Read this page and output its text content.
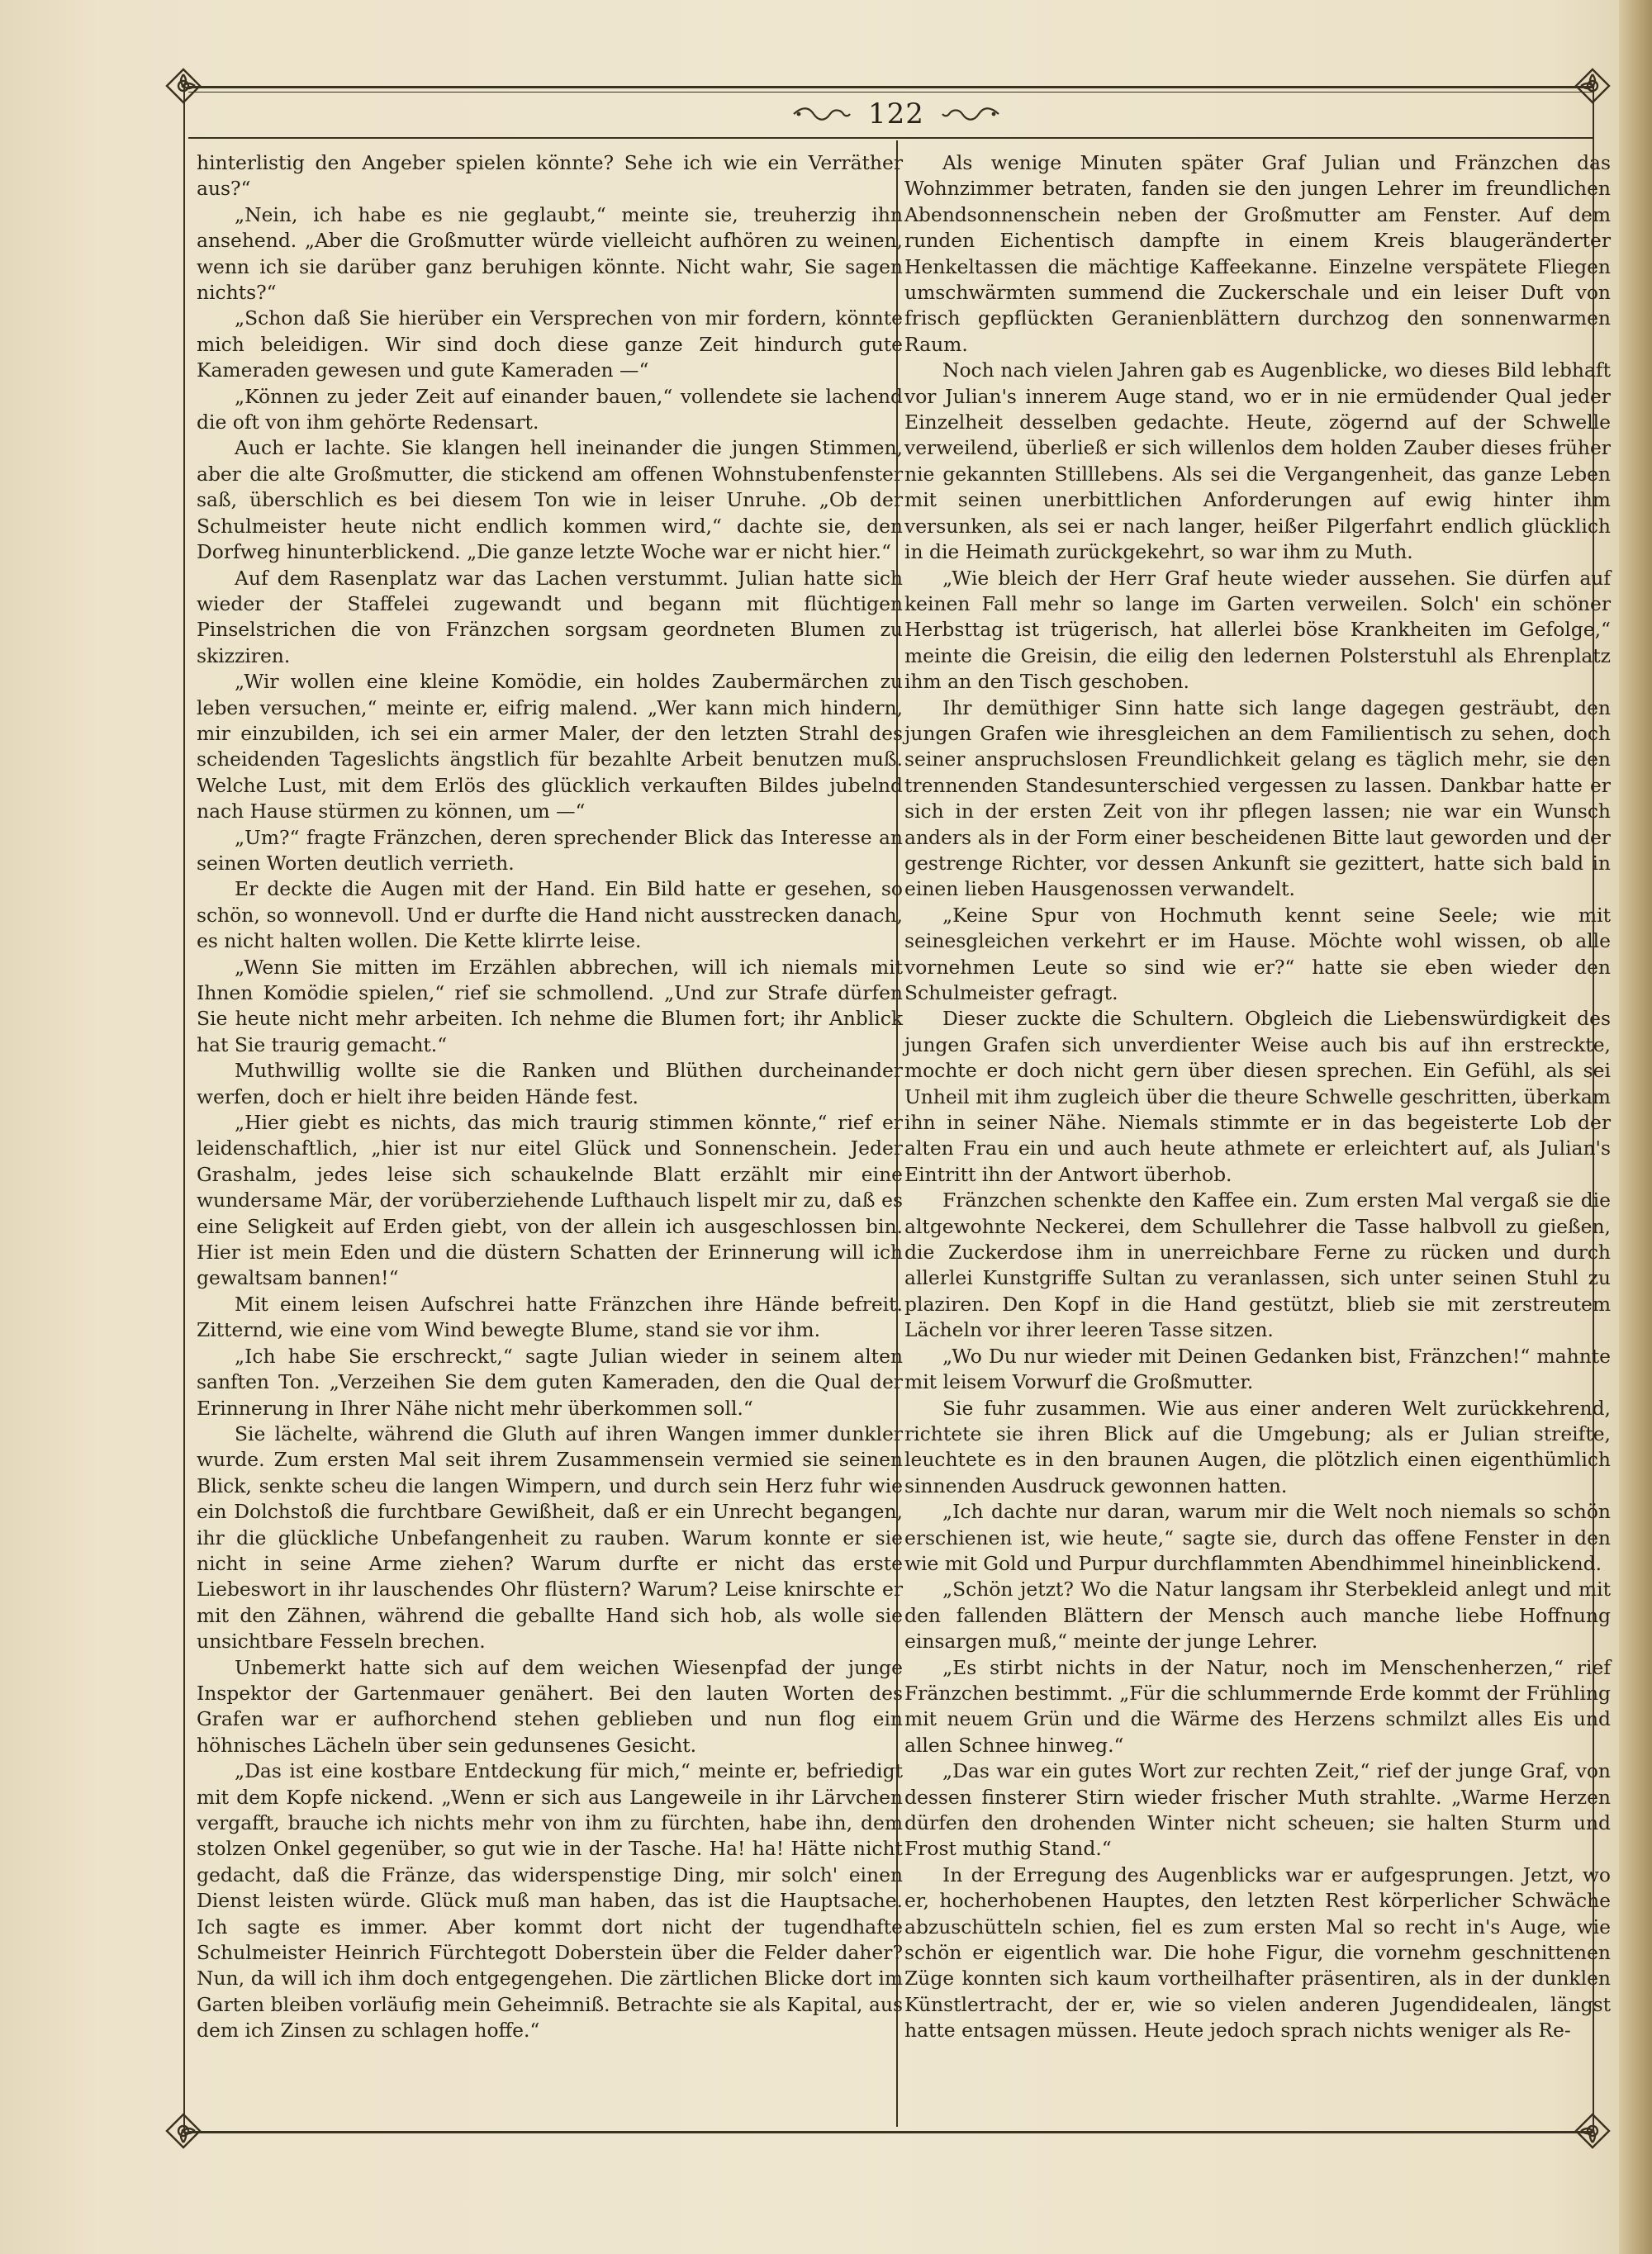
122

hinterlistig den Angeber spielen könnte? Sehe ich wie ein Verräther aus?“

„Nein, ich habe es nie geglaubt,“ meinte sie, treuherzig ihn ansehend. „Aber die Großmutter würde vielleicht aufhören zu weinen, wenn ich sie darüber ganz beruhigen könnte. Nicht wahr, Sie sagen nichts?“

„Schon daß Sie hierüber ein Versprechen von mir fordern, könnte mich beleidigen. Wir sind doch diese ganze Zeit hindurch gute Kameraden gewesen und gute Kameraden —“

„Können zu jeder Zeit auf einander bauen,“ vollendete sie lachend die oft von ihm gehörte Redensart.

Auch er lachte. Sie klangen hell ineinander die jungen Stimmen, aber die alte Großmutter, die stickend am offenen Wohnstubenfenster saß, überschlich es bei diesem Ton wie in leiser Unruhe. „Ob der Schulmeister heute nicht endlich kommen wird,“ dachte sie, den Dorfweg hinunterblickend. „Die ganze letzte Woche war er nicht hier.“

Auf dem Rasenplatz war das Lachen verstummt. Julian hatte sich wieder der Staffelei zugewandt und begann mit flüchtigen Pinselstrichen die von Fränzchen sorgsam geordneten Blumen zu skizziren.

„Wir wollen eine kleine Komödie, ein holdes Zaubermärchen zu leben versuchen,“ meinte er, eifrig malend. „Wer kann mich hindern, mir einzubilden, ich sei ein armer Maler, der den letzten Strahl des scheidenden Tageslichts ängstlich für bezahlte Arbeit benutzen muß. Welche Lust, mit dem Erlös des glücklich verkauften Bildes jubelnd nach Hause stürmen zu können, um —“

„Um?“ fragte Fränzchen, deren sprechender Blick das Interesse an seinen Worten deutlich verrieth.

Er deckte die Augen mit der Hand. Ein Bild hatte er gesehen, so schön, so wonnevoll. Und er durfte die Hand nicht ausstrecken danach, es nicht halten wollen. Die Kette klirrte leise.

„Wenn Sie mitten im Erzählen abbrechen, will ich niemals mit Ihnen Komödie spielen,“ rief sie schmollend. „Und zur Strafe dürfen Sie heute nicht mehr arbeiten. Ich nehme die Blumen fort; ihr Anblick hat Sie traurig gemacht.“

Muthwillig wollte sie die Ranken und Blüthen durcheinander werfen, doch er hielt ihre beiden Hände fest.

„Hier giebt es nichts, das mich traurig stimmen könnte,“ rief er leidenschaftlich, „hier ist nur eitel Glück und Sonnenschein. Jeder Grashalm, jedes leise sich schaukelnde Blatt erzählt mir eine wundersame Mär, der vorüberziehende Lufthauch lispelt mir zu, daß es eine Seligkeit auf Erden giebt, von der allein ich ausgeschlossen bin. Hier ist mein Eden und die düstern Schatten der Erinnerung will ich gewaltsam bannen!“

Mit einem leisen Aufschrei hatte Fränzchen ihre Hände befreit. Zitternd, wie eine vom Wind bewegte Blume, stand sie vor ihm.

„Ich habe Sie erschreckt,“ sagte Julian wieder in seinem alten sanften Ton. „Verzeihen Sie dem guten Kameraden, den die Qual der Erinnerung in Ihrer Nähe nicht mehr überkommen soll.“

Sie lächelte, während die Gluth auf ihren Wangen immer dunkler wurde. Zum ersten Mal seit ihrem Zusammensein vermied sie seinen Blick, senkte scheu die langen Wimpern, und durch sein Herz fuhr wie ein Dolchstoß die furchtbare Gewißheit, daß er ein Unrecht begangen, ihr die glückliche Unbefangenheit zu rauben. Warum konnte er sie nicht in seine Arme ziehen? Warum durfte er nicht das erste Liebeswort in ihr lauschendes Ohr flüstern? Warum? Leise knirschte er mit den Zähnen, während die geballte Hand sich hob, als wolle sie unsichtbare Fesseln brechen.

Unbemerkt hatte sich auf dem weichen Wiesenpfad der junge Inspektor der Gartenmauer genähert. Bei den lauten Worten des Grafen war er aufhorchend stehen geblieben und nun flog ein höhnisches Lächeln über sein gedunsenes Gesicht.

„Das ist eine kostbare Entdeckung für mich,“ meinte er, befriedigt mit dem Kopfe nickend. „Wenn er sich aus Langeweile in ihr Lärvchen vergafft, brauche ich nichts mehr von ihm zu fürchten, habe ihn, dem stolzen Onkel gegenüber, so gut wie in der Tasche. Ha! ha! Hätte nicht gedacht, daß die Fränze, das widerspenstige Ding, mir solch' einen Dienst leisten würde. Glück muß man haben, das ist die Hauptsache. Ich sagte es immer. Aber kommt dort nicht der tugendhafte Schulmeister Heinrich Fürchtegott Doberstein über die Felder daher? Nun, da will ich ihm doch entgegengehen. Die zärtlichen Blicke dort im Garten bleiben vorläufig mein Geheimniß. Betrachte sie als Kapital, aus dem ich Zinsen zu schlagen hoffe.“

Als wenige Minuten später Graf Julian und Fränzchen das Wohnzimmer betraten, fanden sie den jungen Lehrer im freundlichen Abendsonnenschein neben der Großmutter am Fenster. Auf dem runden Eichentisch dampfte in einem Kreis blaugeränderter Henkeltassen die mächtige Kaffeekanne. Einzelne verspätete Fliegen umschwärmten summend die Zuckerschale und ein leiser Duft von frisch gepflückten Geranienblättern durchzog den sonnenwarmen Raum.

Noch nach vielen Jahren gab es Augenblicke, wo dieses Bild lebhaft vor Julian's innerem Auge stand, wo er in nie ermüdender Qual jeder Einzelheit desselben gedachte. Heute, zögernd auf der Schwelle verweilend, überließ er sich willenlos dem holden Zauber dieses früher nie gekannten Stilllebens. Als sei die Vergangenheit, das ganze Leben mit seinen unerbittlichen Anforderungen auf ewig hinter ihm versunken, als sei er nach langer, heißer Pilgerfahrt endlich glücklich in die Heimath zurückgekehrt, so war ihm zu Muth.

„Wie bleich der Herr Graf heute wieder aussehen. Sie dürfen auf keinen Fall mehr so lange im Garten verweilen. Solch' ein schöner Herbsttag ist trügerisch, hat allerlei böse Krankheiten im Gefolge,“ meinte die Greisin, die eilig den ledernen Polsterstuhl als Ehrenplatz ihm an den Tisch geschoben.

Ihr demüthiger Sinn hatte sich lange dagegen gesträubt, den jungen Grafen wie ihresgleichen an dem Familientisch zu sehen, doch seiner anspruchslosen Freundlichkeit gelang es täglich mehr, sie den trennenden Standesunterschied vergessen zu lassen. Dankbar hatte er sich in der ersten Zeit von ihr pflegen lassen; nie war ein Wunsch anders als in der Form einer bescheidenen Bitte laut geworden und der gestrenge Richter, vor dessen Ankunft sie gezittert, hatte sich bald in einen lieben Hausgenossen verwandelt.

„Keine Spur von Hochmuth kennt seine Seele; wie mit seinesgleichen verkehrt er im Hause. Möchte wohl wissen, ob alle vornehmen Leute so sind wie er?“ hatte sie eben wieder den Schulmeister gefragt.

Dieser zuckte die Schultern. Obgleich die Liebenswürdigkeit des jungen Grafen sich unverdienter Weise auch bis auf ihn erstreckte, mochte er doch nicht gern über diesen sprechen. Ein Gefühl, als sei Unheil mit ihm zugleich über die theure Schwelle geschritten, überkam ihn in seiner Nähe. Niemals stimmte er in das begeisterte Lob der alten Frau ein und auch heute athmete er erleichtert auf, als Julian's Eintritt ihn der Antwort überhob.

Fränzchen schenkte den Kaffee ein. Zum ersten Mal vergaß sie die altgewohnte Neckerei, dem Schullehrer die Tasse halbvoll zu gießen, die Zuckerdose ihm in unerreichbare Ferne zu rücken und durch allerlei Kunstgriffe Sultan zu veranlassen, sich unter seinen Stuhl zu plaziren. Den Kopf in die Hand gestützt, blieb sie mit zerstreutem Lächeln vor ihrer leeren Tasse sitzen.

„Wo Du nur wieder mit Deinen Gedanken bist, Fränzchen!“ mahnte mit leisem Vorwurf die Großmutter.

Sie fuhr zusammen. Wie aus einer anderen Welt zurückkehrend, richtete sie ihren Blick auf die Umgebung; als er Julian streifte, leuchtete es in den braunen Augen, die plötzlich einen eigenthümlich sinnenden Ausdruck gewonnen hatten.

„Ich dachte nur daran, warum mir die Welt noch niemals so schön erschienen ist, wie heute,“ sagte sie, durch das offene Fenster in den wie mit Gold und Purpur durchflammten Abendhimmel hineinblickend.

„Schön jetzt? Wo die Natur langsam ihr Sterbekleid anlegt und mit den fallenden Blättern der Mensch auch manche liebe Hoffnung einsargen muß,“ meinte der junge Lehrer.

„Es stirbt nichts in der Natur, noch im Menschenherzen,“ rief Fränzchen bestimmt. „Für die schlummernde Erde kommt der Frühling mit neuem Grün und die Wärme des Herzens schmilzt alles Eis und allen Schnee hinweg.“

„Das war ein gutes Wort zur rechten Zeit,“ rief der junge Graf, von dessen finsterer Stirn wieder frischer Muth strahlte. „Warme Herzen dürfen den drohenden Winter nicht scheuen; sie halten Sturm und Frost muthig Stand.“

In der Erregung des Augenblicks war er aufgesprungen. Jetzt, wo er, hocherhobenen Hauptes, den letzten Rest körperlicher Schwäche abzuschütteln schien, fiel es zum ersten Mal so recht in's Auge, wie schön er eigentlich war. Die hohe Figur, die vornehm geschnittenen Züge konnten sich kaum vortheilhafter präsentiren, als in der dunklen Künstlertracht, der er, wie so vielen anderen Jugendidealen, längst hatte entsagen müssen. Heute jedoch sprach nichts weniger als Re-
